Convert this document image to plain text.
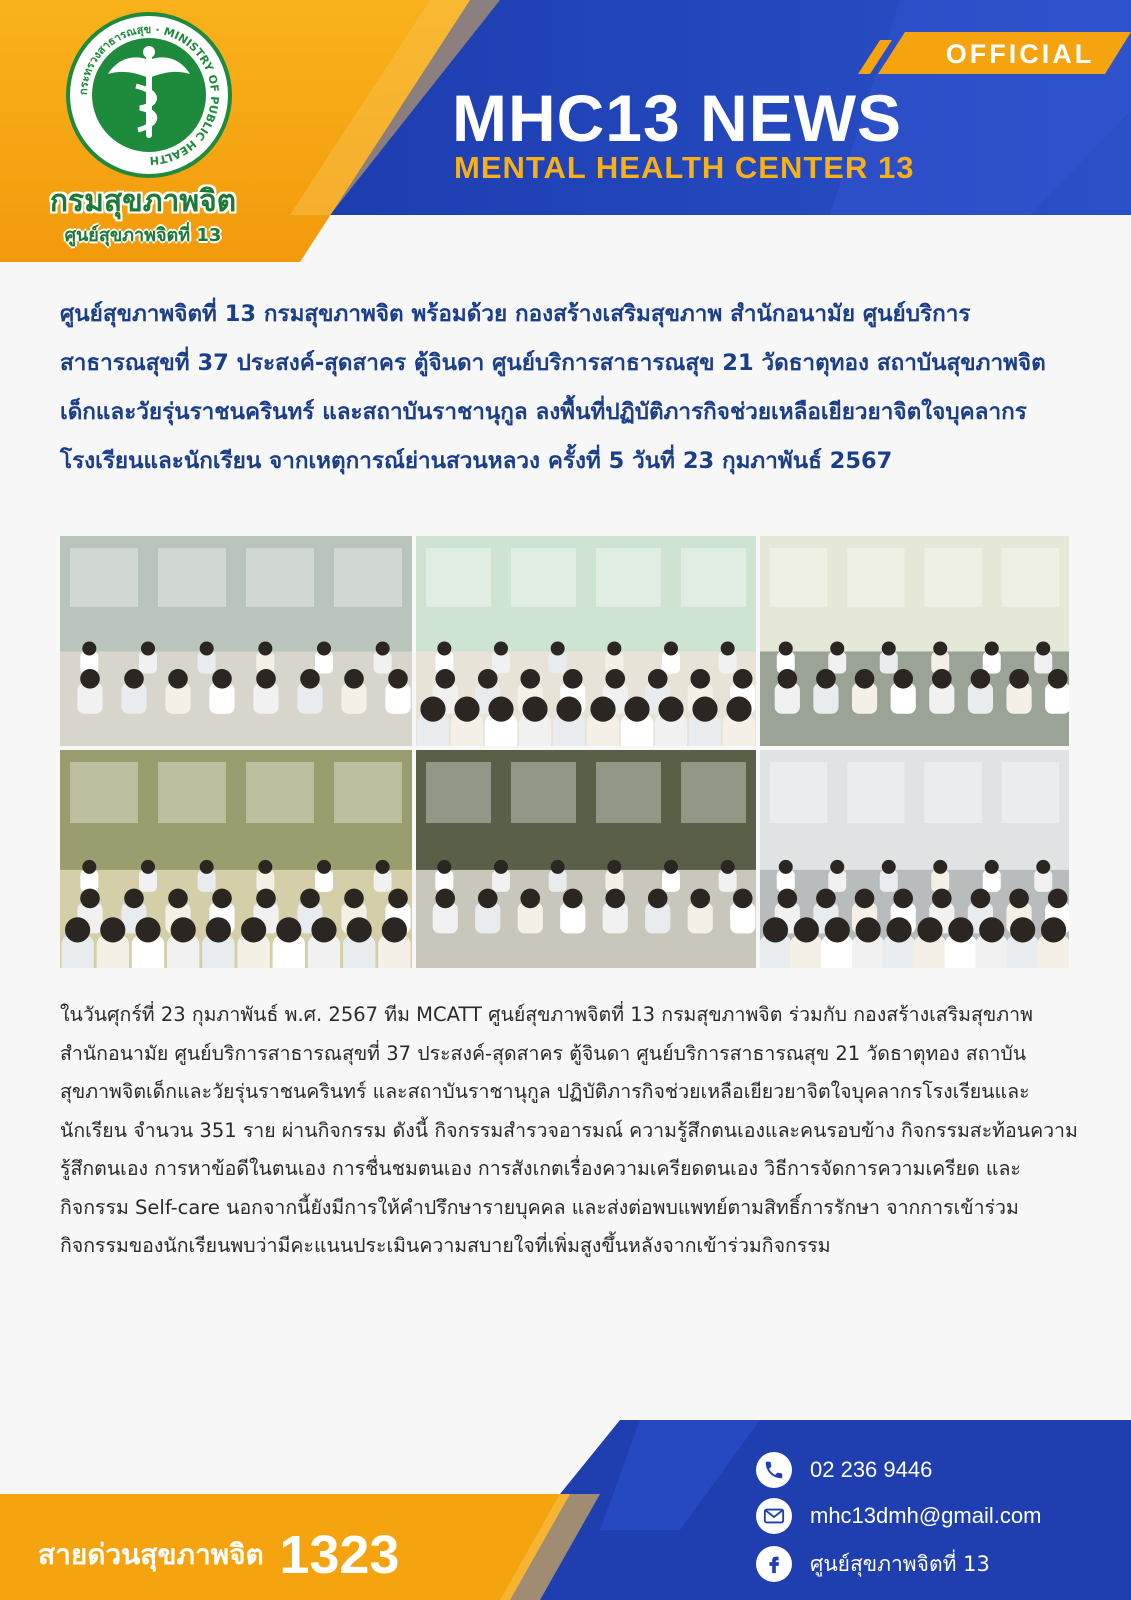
กระทรวงสาธารณสุข · MINISTRY OF PUBLIC HEALTH
กรมสุขภาพจิต
ศูนย์สุขภาพจิตที่ 13
OFFICIAL
MHC13 NEWS
MENTAL HEALTH CENTER 13
ศูนย์สุขภาพจิตที่ 13 กรมสุขภาพจิต พร้อมด้วย กองสร้างเสริมสุขภาพ สำนักอนามัย ศูนย์บริการสาธารณสุขที่ 37 ประสงค์-สุดสาคร ตู้จินดา ศูนย์บริการสาธารณสุข 21 วัดธาตุทอง สถาบันสุขภาพจิตเด็กและวัยรุ่นราชนครินทร์ และสถาบันราชานุกูล ลงพื้นที่ปฏิบัติภารกิจช่วยเหลือเยียวยาจิตใจบุคลากรโรงเรียนและนักเรียน จากเหตุการณ์ย่านสวนหลวง ครั้งที่ 5 วันที่ 23 กุมภาพันธ์ 2567
ในวันศุกร์ที่ 23 กุมภาพันธ์ พ.ศ. 2567 ทีม MCATT ศูนย์สุขภาพจิตที่ 13 กรมสุขภาพจิต ร่วมกับ กองสร้างเสริมสุขภาพ สำนักอนามัย ศูนย์บริการสาธารณสุขที่ 37 ประสงค์-สุดสาคร ตู้จินดา ศูนย์บริการสาธารณสุข 21 วัดธาตุทอง สถาบันสุขภาพจิตเด็กและวัยรุ่นราชนครินทร์ และสถาบันราชานุกูล ปฏิบัติภารกิจช่วยเหลือเยียวยาจิตใจบุคลากรโรงเรียนและนักเรียน จำนวน 351 ราย ผ่านกิจกรรม ดังนี้ กิจกรรมสำรวจอารมณ์ ความรู้สึกตนเองและคนรอบข้าง กิจกรรมสะท้อนความรู้สึกตนเอง การหาข้อดีในตนเอง การชื่นชมตนเอง การสังเกตเรื่องความเครียดตนเอง วิธีการจัดการความเครียด และกิจกรรม Self-care นอกจากนี้ยังมีการให้คำปรึกษารายบุคคล และส่งต่อพบแพทย์ตามสิทธิ์การรักษา จากการเข้าร่วมกิจกรรมของนักเรียนพบว่ามีคะแนนประเมินความสบายใจที่เพิ่มสูงขึ้นหลังจากเข้าร่วมกิจกรรม
สายด่วนสุขภาพจิต 1323
02 236 9446
mhc13dmh@gmail.com
ศูนย์สุขภาพจิตที่ 13
